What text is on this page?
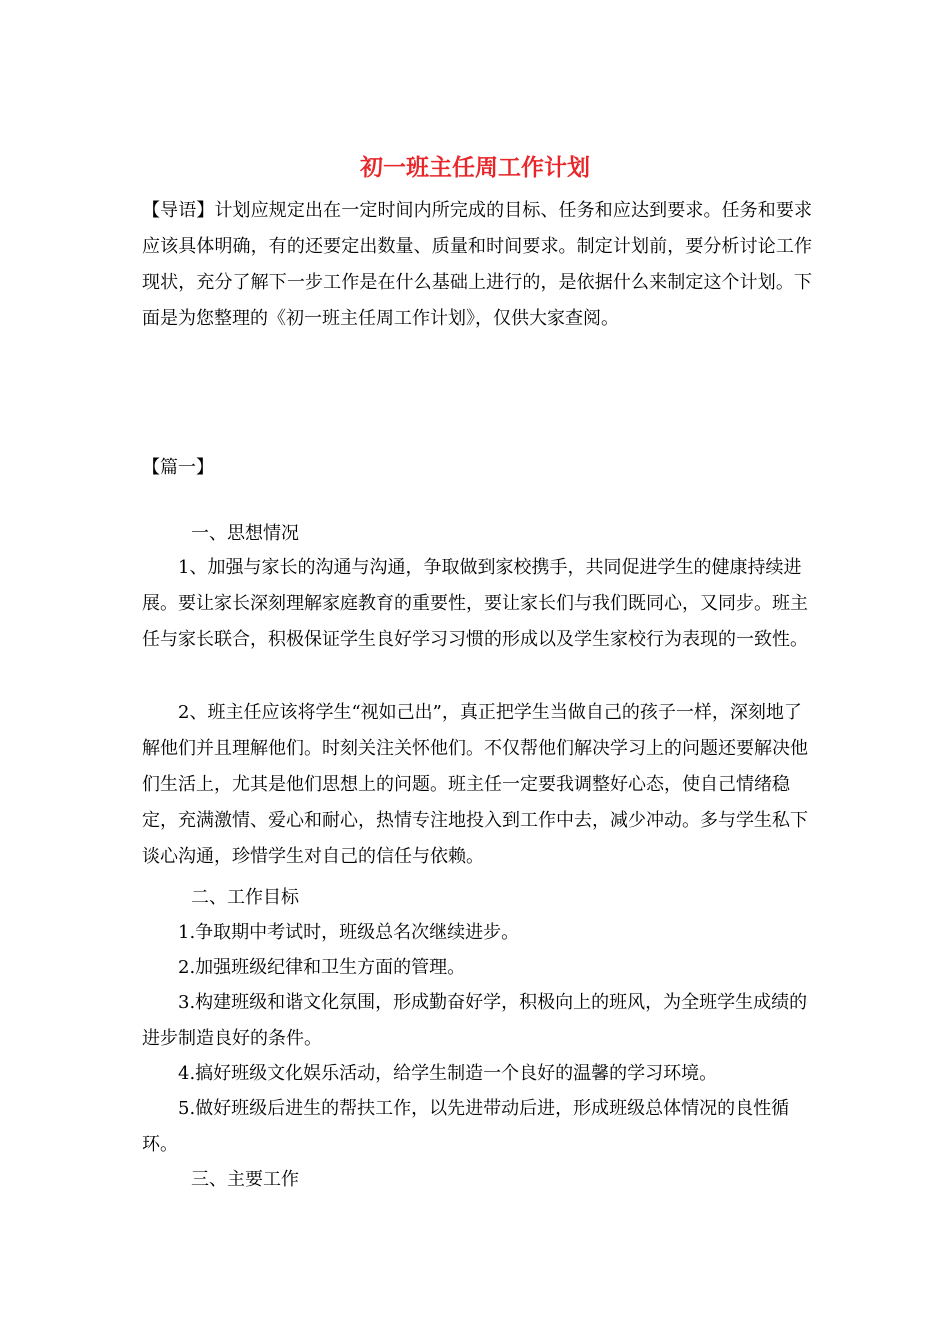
初一班主任周工作计划
【导语】计划应规定出在一定时间内所完成的目标、任务和应达到要求。任务和要求应该具体明确，有的还要定出数量、质量和时间要求。制定计划前，要分析讨论工作现状，充分了解下一步工作是在什么基础上进行的，是依据什么来制定这个计划。下面是为您整理的《初一班主任周工作计划》，仅供大家查阅。
【篇一】
一、思想情况
1、加强与家长的沟通与沟通，争取做到家校携手，共同促进学生的健康持续进展。要让家长深刻理解家庭教育的重要性，要让家长们与我们既同心，又同步。班主任与家长联合，积极保证学生良好学习习惯的形成以及学生家校行为表现的一致性。
2、班主任应该将学生“视如己出”，真正把学生当做自己的孩子一样，深刻地了解他们并且理解他们。时刻关注关怀他们。不仅帮他们解决学习上的问题还要解决他们生活上，尤其是他们思想上的问题。班主任一定要我调整好心态，使自己情绪稳定，充满激情、爱心和耐心，热情专注地投入到工作中去，减少冲动。多与学生私下谈心沟通，珍惜学生对自己的信任与依赖。
二、工作目标
1.争取期中考试时，班级总名次继续进步。
2.加强班级纪律和卫生方面的管理。
3.构建班级和谐文化氛围，形成勤奋好学，积极向上的班风，为全班学生成绩的进步制造良好的条件。
4.搞好班级文化娱乐活动，给学生制造一个良好的温馨的学习环境。
5.做好班级后进生的帮扶工作，以先进带动后进，形成班级总体情况的良性循环。
三、主要工作
